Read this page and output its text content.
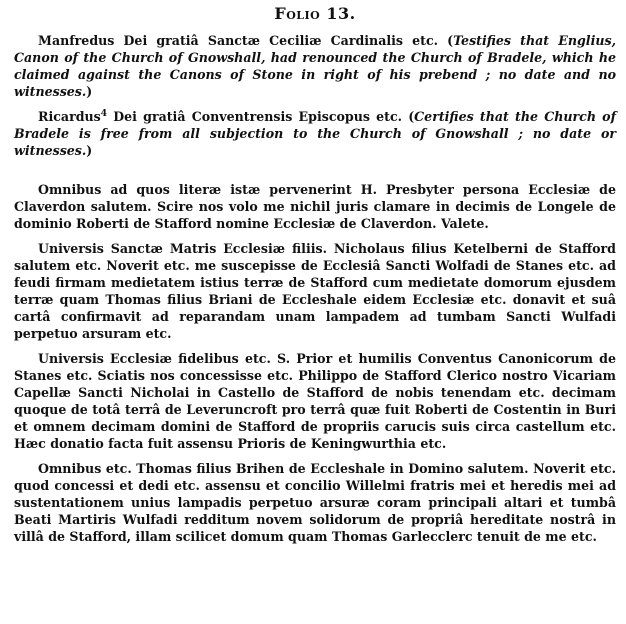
Folio 13.

Manfredus Dei gratiâ Sanctæ Ceciliæ Cardinalis etc. (Testifies that Englius, Canon of the Church of Gnowshall, had renounced the Church of Bradele, which he claimed against the Canons of Stone in right of his prebend ; no date and no witnesses.)

Ricardus$^4$ Dei gratiâ Conventrensis Episcopus etc. (Certifies that the Church of Bradele is free from all subjection to the Church of Gnowshall ; no date or witnesses.)

Omnibus ad quos literæ istæ pervenerint H. Presbyter persona Ecclesiæ de Claverdon salutem. Scire nos volo me nichil juris clamare in decimis de Longele de dominio Roberti de Stafford nomine Ecclesiæ de Claverdon. Valete.

Universis Sanctæ Matris Ecclesiæ filiis. Nicholaus filius Ketelberni de Stafford salutem etc. Noverit etc. me suscepisse de Ecclesiâ Sancti Wolfadi de Stanes etc. ad feudi firmam medietatem istius terræ de Stafford cum medietate domorum ejusdem terræ quam Thomas filius Briani de Eccleshale eidem Ecclesiæ etc. donavit et suâ cartâ confirmavit ad reparandam unam lampadem ad tumbam Sancti Wulfadi perpetuo arsuram etc.

Universis Ecclesiæ fidelibus etc. S. Prior et humilis Conventus Canonicorum de Stanes etc. Sciatis nos concessisse etc. Philippo de Stafford Clerico nostro Vicariam Capellæ Sancti Nicholai in Castello de Stafford de nobis tenendam etc. decimam quoque de totâ terrâ de Leveruncroft pro terrâ quæ fuit Roberti de Costentin in Buri et omnem decimam domini de Stafford de propriis carucis suis circa castellum etc. Hæc donatio facta fuit assensu Prioris de Keningwurthia etc.

Omnibus etc. Thomas filius Brihen de Eccleshale in Domino salutem. Noverit etc. quod concessi et dedi etc. assensu et concilio Willelmi fratris mei et heredis mei ad sustentationem unius lampadis perpetuo arsuræ coram principali altari et tumbâ Beati Martiris Wulfadi redditum novem solidorum de propriâ hereditate nostrâ in villâ de Stafford, illam scilicet domum quam Thomas Garlecclerc tenuit de me etc.
